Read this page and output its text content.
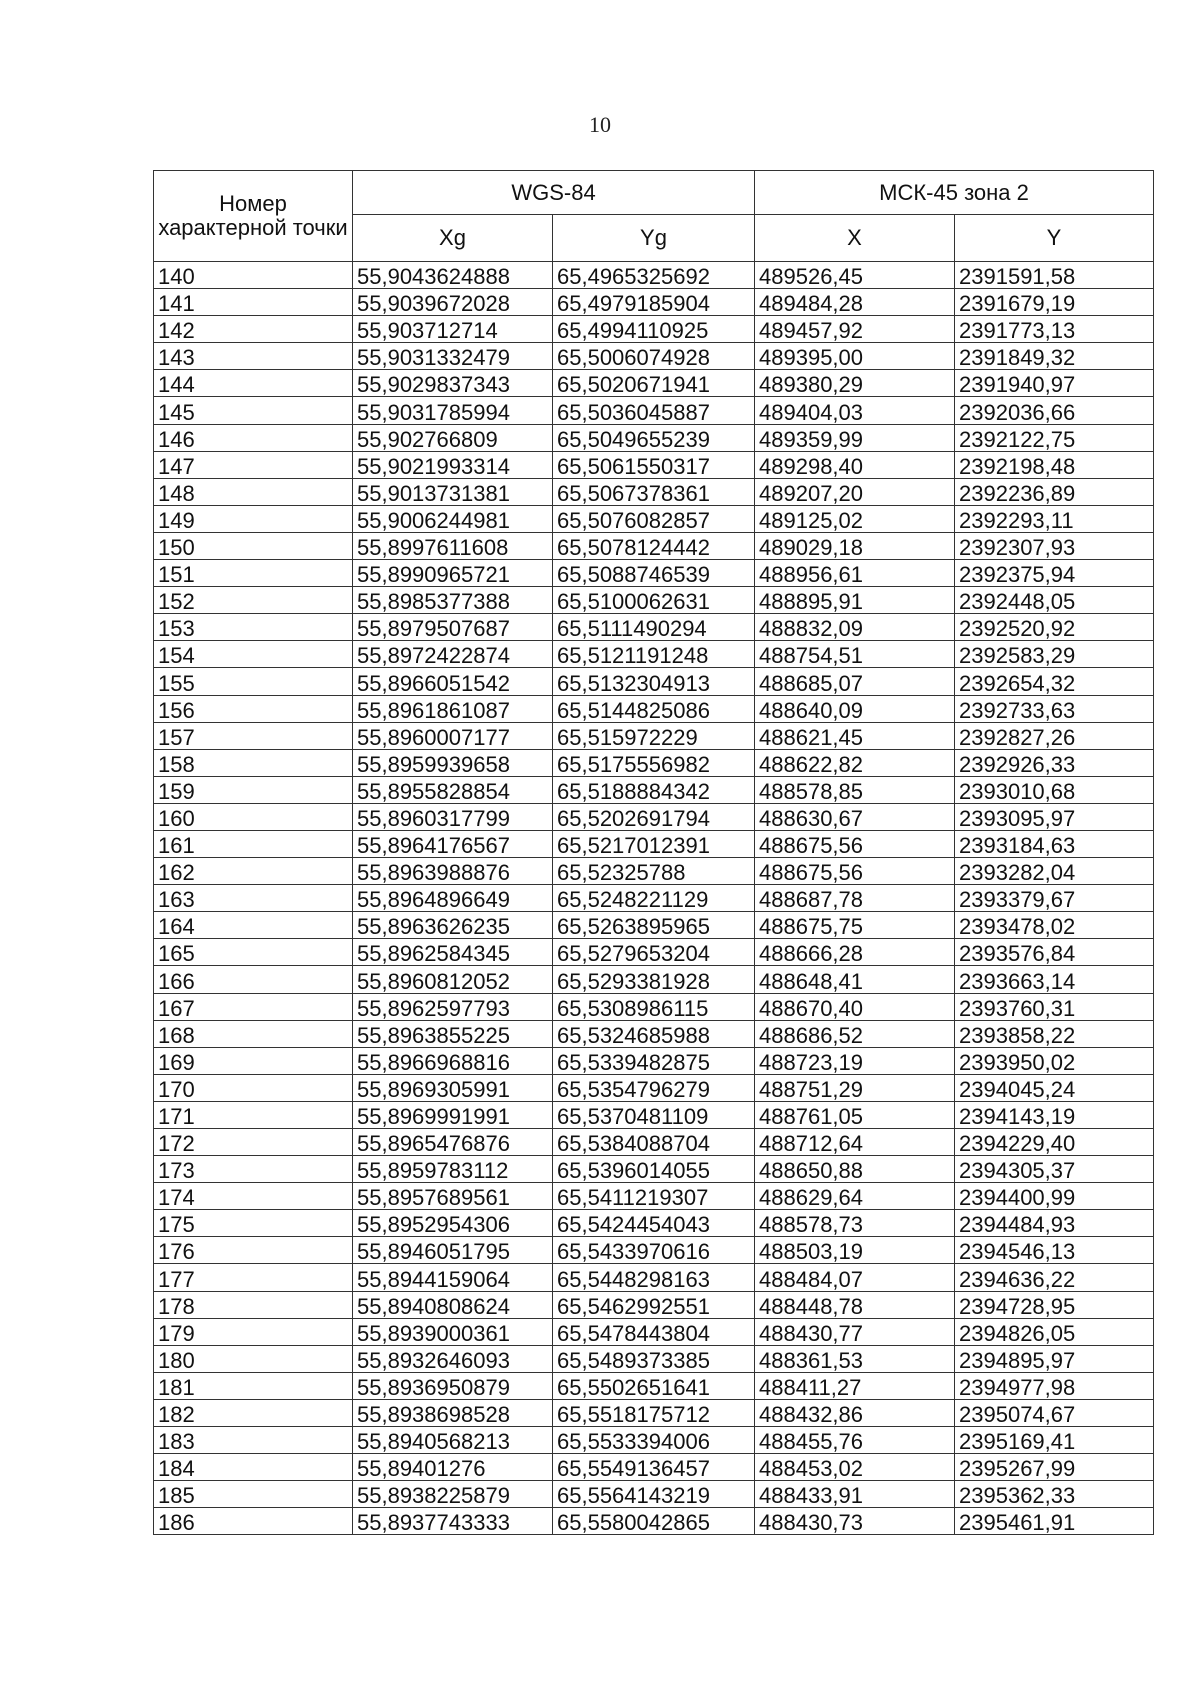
10
Номер характерной точки	WGS-84		МСК-45 зона 2	
	Xg	Yg	X	Y
140	55,9043624888	65,4965325692	489526,45	2391591,58
141	55,9039672028	65,4979185904	489484,28	2391679,19
142	55,903712714	65,4994110925	489457,92	2391773,13
143	55,9031332479	65,5006074928	489395,00	2391849,32
144	55,9029837343	65,5020671941	489380,29	2391940,97
145	55,9031785994	65,5036045887	489404,03	2392036,66
146	55,902766809	65,5049655239	489359,99	2392122,75
147	55,9021993314	65,5061550317	489298,40	2392198,48
148	55,9013731381	65,5067378361	489207,20	2392236,89
149	55,9006244981	65,5076082857	489125,02	2392293,11
150	55,8997611608	65,5078124442	489029,18	2392307,93
151	55,8990965721	65,5088746539	488956,61	2392375,94
152	55,8985377388	65,5100062631	488895,91	2392448,05
153	55,8979507687	65,5111490294	488832,09	2392520,92
154	55,8972422874	65,5121191248	488754,51	2392583,29
155	55,8966051542	65,5132304913	488685,07	2392654,32
156	55,8961861087	65,5144825086	488640,09	2392733,63
157	55,8960007177	65,515972229	488621,45	2392827,26
158	55,8959939658	65,5175556982	488622,82	2392926,33
159	55,8955828854	65,5188884342	488578,85	2393010,68
160	55,8960317799	65,5202691794	488630,67	2393095,97
161	55,8964176567	65,5217012391	488675,56	2393184,63
162	55,8963988876	65,52325788	488675,56	2393282,04
163	55,8964896649	65,5248221129	488687,78	2393379,67
164	55,8963626235	65,5263895965	488675,75	2393478,02
165	55,8962584345	65,5279653204	488666,28	2393576,84
166	55,8960812052	65,5293381928	488648,41	2393663,14
167	55,8962597793	65,5308986115	488670,40	2393760,31
168	55,8963855225	65,5324685988	488686,52	2393858,22
169	55,8966968816	65,5339482875	488723,19	2393950,02
170	55,8969305991	65,5354796279	488751,29	2394045,24
171	55,8969991991	65,5370481109	488761,05	2394143,19
172	55,8965476876	65,5384088704	488712,64	2394229,40
173	55,8959783112	65,5396014055	488650,88	2394305,37
174	55,8957689561	65,5411219307	488629,64	2394400,99
175	55,8952954306	65,5424454043	488578,73	2394484,93
176	55,8946051795	65,5433970616	488503,19	2394546,13
177	55,8944159064	65,5448298163	488484,07	2394636,22
178	55,8940808624	65,5462992551	488448,78	2394728,95
179	55,8939000361	65,5478443804	488430,77	2394826,05
180	55,8932646093	65,5489373385	488361,53	2394895,97
181	55,8936950879	65,5502651641	488411,27	2394977,98
182	55,8938698528	65,5518175712	488432,86	2395074,67
183	55,8940568213	65,5533394006	488455,76	2395169,41
184	55,89401276	65,5549136457	488453,02	2395267,99
185	55,8938225879	65,5564143219	488433,91	2395362,33
186	55,8937743333	65,5580042865	488430,73	2395461,91
